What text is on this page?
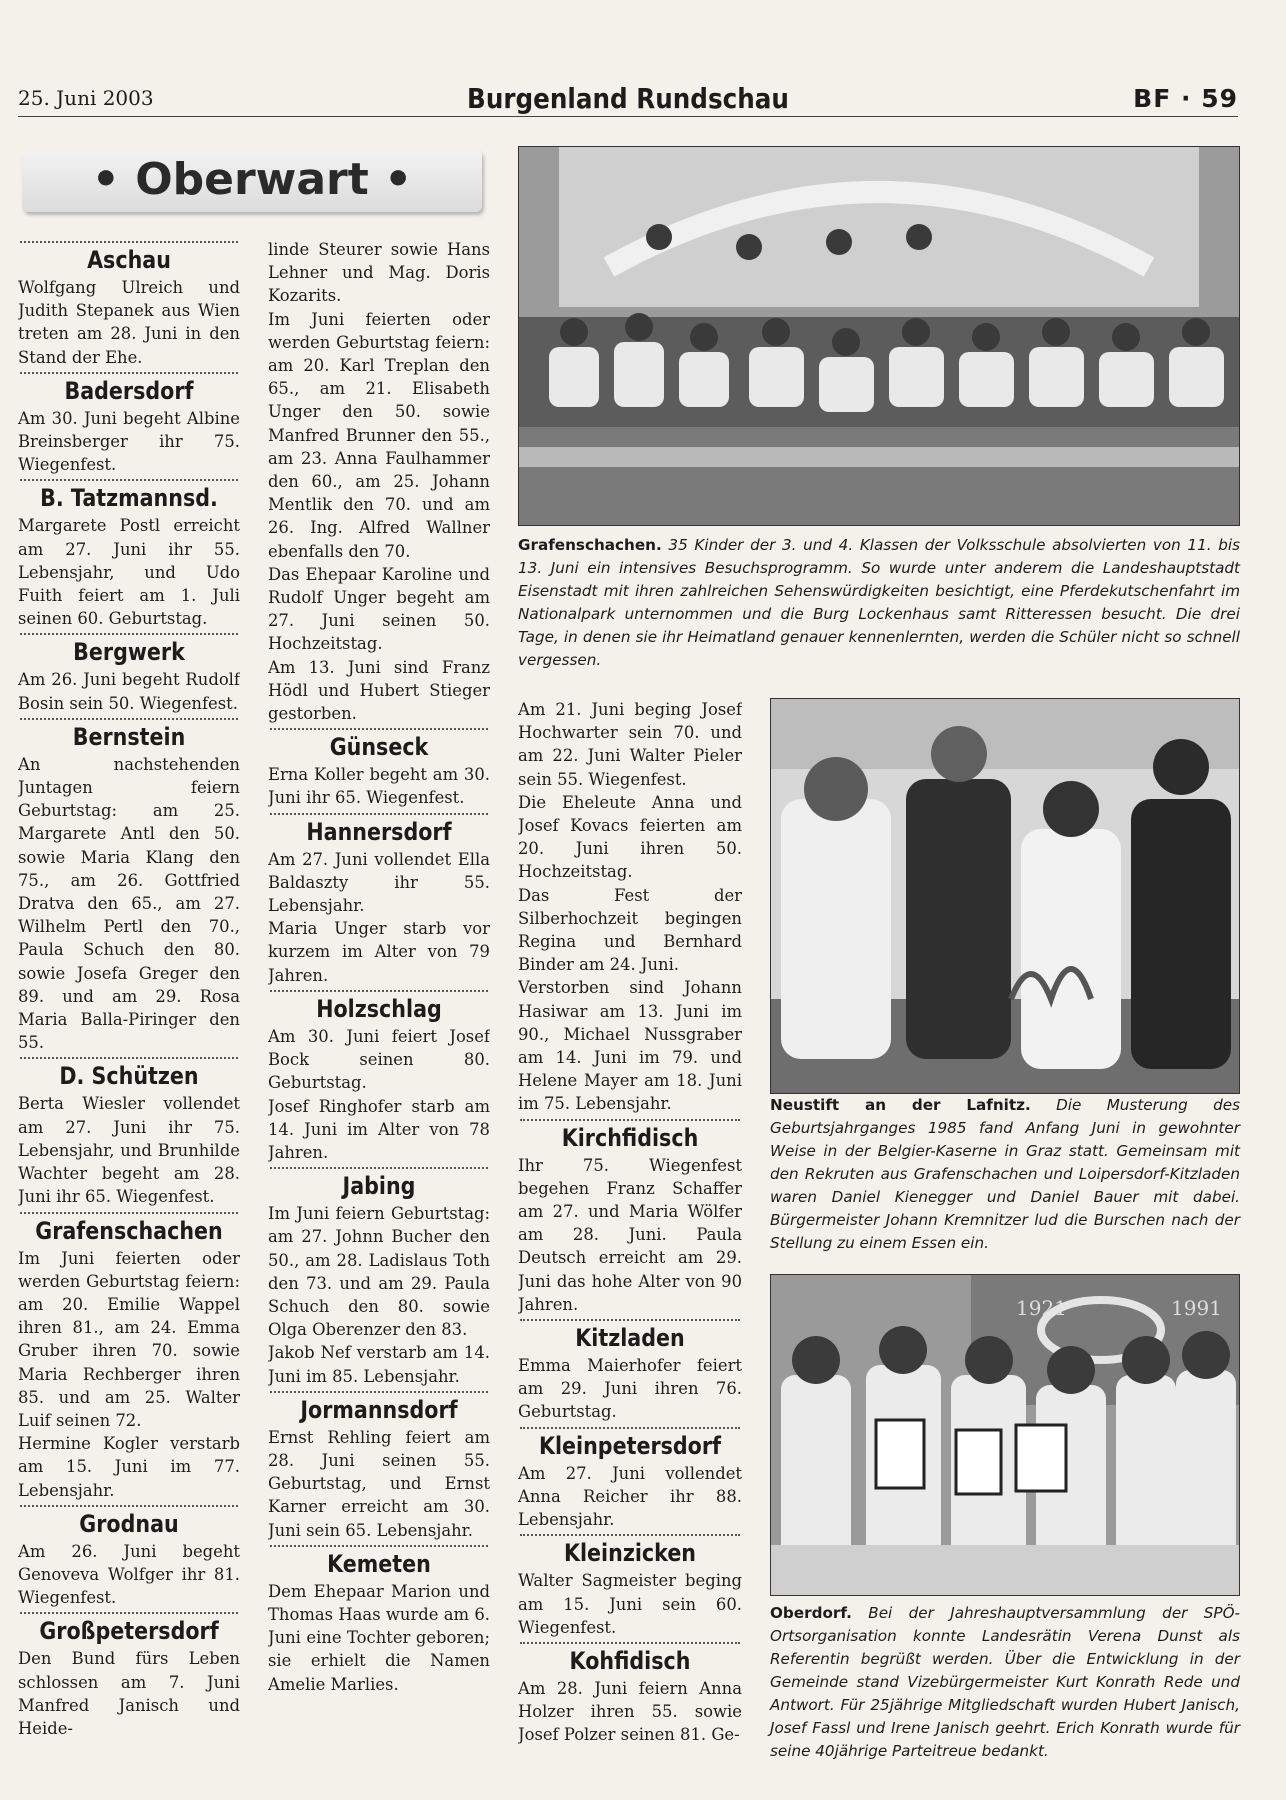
25. Juni 2003	Burgenland Rundschau	BF · 59
• Oberwart •
Aschau
Wolfgang Ulreich und Judith Stepanek aus Wien treten am 28. Juni in den Stand der Ehe.
Badersdorf
Am 30. Juni begeht Albine Breinsberger ihr 75. Wiegenfest.
B. Tatzmannsd.
Margarete Postl erreicht am 27. Juni ihr 55. Lebensjahr, und Udo Fuith feiert am 1. Juli seinen 60. Geburtstag.
Bergwerk
Am 26. Juni begeht Rudolf Bosin sein 50. Wiegenfest.
Bernstein
An nachstehenden Juntagen feiern Geburtstag: am 25. Margarete Antl den 50. sowie Maria Klang den 75., am 26. Gottfried Dratva den 65., am 27. Wilhelm Pertl den 70., Paula Schuch den 80. sowie Josefa Greger den 89. und am 29. Rosa Maria Balla-Piringer den 55.
D. Schützen
Berta Wiesler vollendet am 27. Juni ihr 75. Lebensjahr, und Brunhilde Wachter begeht am 28. Juni ihr 65. Wiegenfest.
Grafenschachen
Im Juni feierten oder werden Geburtstag feiern: am 20. Emilie Wappel ihren 81., am 24. Emma Gruber ihren 70. sowie Maria Rechberger ihren 85. und am 25. Walter Luif seinen 72.
Hermine Kogler verstarb am 15. Juni im 77. Lebensjahr.
Grodnau
Am 26. Juni begeht Genoveva Wolfger ihr 81. Wiegenfest.
Großpetersdorf
Den Bund fürs Leben schlossen am 7. Juni Manfred Janisch und Heide-
linde Steurer sowie Hans Lehner und Mag. Doris Kozarits.
Im Juni feierten oder werden Geburtstag feiern: am 20. Karl Treplan den 65., am 21. Elisabeth Unger den 50. sowie Manfred Brunner den 55., am 23. Anna Faulhammer den 60., am 25. Johann Mentlik den 70. und am 26. Ing. Alfred Wallner ebenfalls den 70.
Das Ehepaar Karoline und Rudolf Unger begeht am 27. Juni seinen 50. Hochzeitstag.
Am 13. Juni sind Franz Hödl und Hubert Stieger gestorben.
Günseck
Erna Koller begeht am 30. Juni ihr 65. Wiegenfest.
Hannersdorf
Am 27. Juni vollendet Ella Baldaszty ihr 55. Lebensjahr.
Maria Unger starb vor kurzem im Alter von 79 Jahren.
Holzschlag
Am 30. Juni feiert Josef Bock seinen 80. Geburtstag.
Josef Ringhofer starb am 14. Juni im Alter von 78 Jahren.
Jabing
Im Juni feiern Geburtstag: am 27. Johnn Bucher den 50., am 28. Ladislaus Toth den 73. und am 29. Paula Schuch den 80. sowie Olga Oberenzer den 83.
Jakob Nef verstarb am 14. Juni im 85. Lebensjahr.
Jormannsdorf
Ernst Rehling feiert am 28. Juni seinen 55. Geburtstag, und Ernst Karner erreicht am 30. Juni sein 65. Lebensjahr.
Kemeten
Dem Ehepaar Marion und Thomas Haas wurde am 6. Juni eine Tochter geboren; sie erhielt die Namen Amelie Marlies.
Am 21. Juni beging Josef Hochwarter sein 70. und am 22. Juni Walter Pieler sein 55. Wiegenfest.
Die Eheleute Anna und Josef Kovacs feierten am 20. Juni ihren 50. Hochzeitstag.
Das Fest der Silberhochzeit begingen Regina und Bernhard Binder am 24. Juni.
Verstorben sind Johann Hasiwar am 13. Juni im 90., Michael Nussgraber am 14. Juni im 79. und Helene Mayer am 18. Juni im 75. Lebensjahr.
Kirchfidisch
Ihr 75. Wiegenfest begehen Franz Schaffer am 27. und Maria Wölfer am 28. Juni. Paula Deutsch erreicht am 29. Juni das hohe Alter von 90 Jahren.
Kitzladen
Emma Maierhofer feiert am 29. Juni ihren 76. Geburtstag.
Kleinpetersdorf
Am 27. Juni vollendet Anna Reicher ihr 88. Lebensjahr.
Kleinzicken
Walter Sagmeister beging am 15. Juni sein 60. Wiegenfest.
Kohfidisch
Am 28. Juni feiern Anna Holzer ihren 55. sowie Josef Polzer seinen 81. Ge-
Grafenschachen. 35 Kinder der 3. und 4. Klassen der Volksschule absolvierten von 11. bis 13. Juni ein intensives Besuchsprogramm. So wurde unter anderem die Landeshauptstadt Eisenstadt mit ihren zahlreichen Sehenswürdigkeiten besichtigt, eine Pferdekutschenfahrt im Nationalpark unternommen und die Burg Lockenhaus samt Ritteressen besucht. Die drei Tage, in denen sie ihr Heimatland genauer kennenlernten, werden die Schüler nicht so schnell vergessen.
Neustift an der Lafnitz. Die Musterung des Geburtsjahrganges 1985 fand Anfang Juni in gewohnter Weise in der Belgier-Kaserne in Graz statt. Gemeinsam mit den Rekruten aus Grafenschachen und Loipersdorf-Kitzladen waren Daniel Kienegger und Daniel Bauer mit dabei. Bürgermeister Johann Kremnitzer lud die Burschen nach der Stellung zu einem Essen ein.
1921	1991
Oberdorf. Bei der Jahreshauptversammlung der SPÖ-Ortsorganisation konnte Landesrätin Verena Dunst als Referentin begrüßt werden. Über die Entwicklung in der Gemeinde stand Vizebürgermeister Kurt Konrath Rede und Antwort. Für 25jährige Mitgliedschaft wurden Hubert Janisch, Josef Fassl und Irene Janisch geehrt. Erich Konrath wurde für seine 40jährige Parteitreue bedankt.
